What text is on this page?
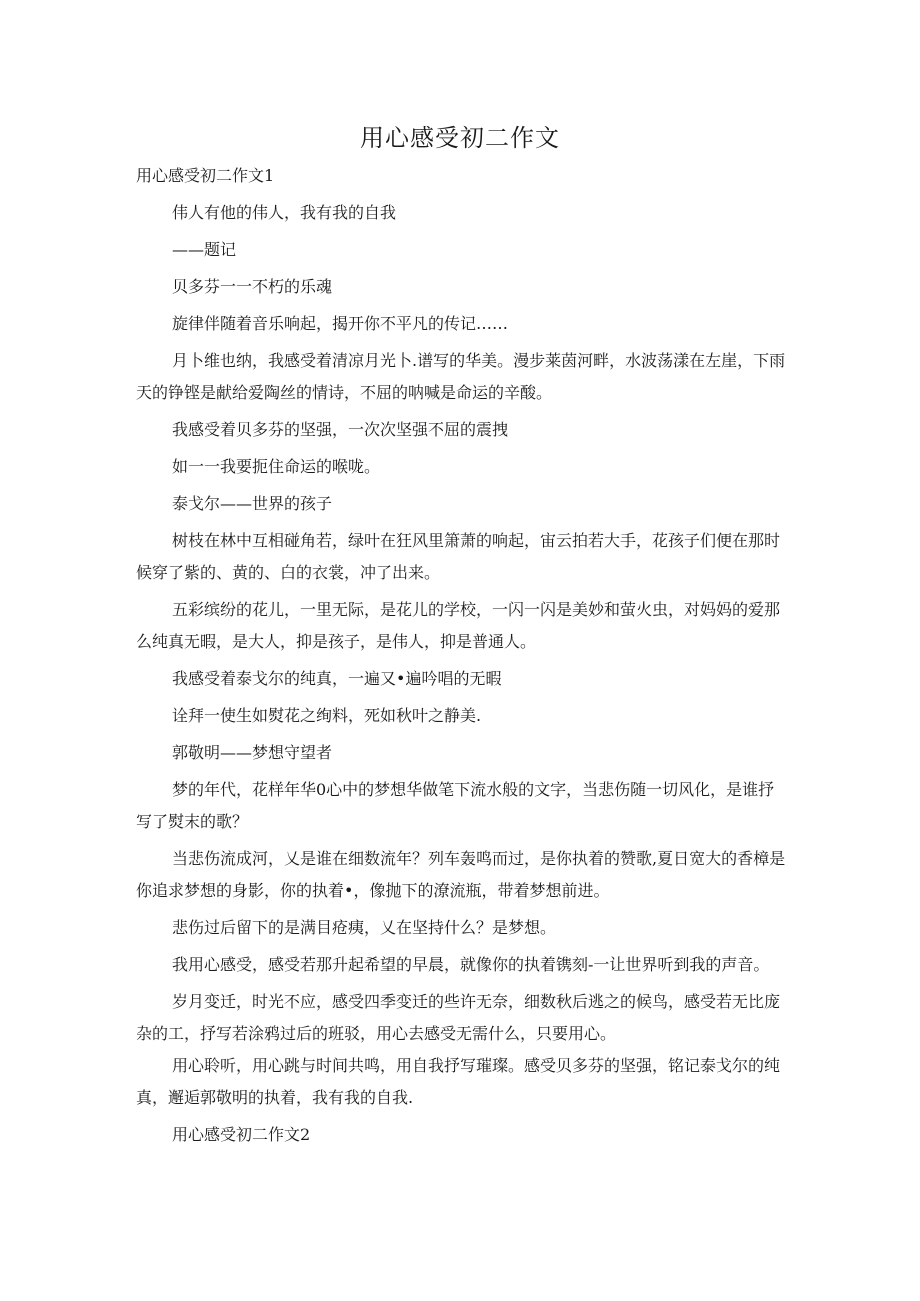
用心感受初二作文

用心感受初二作文1

伟人有他的伟人，我有我的自我

——题记

贝多芬一一不朽的乐魂

旋律伴随着音乐响起，揭开你不平凡的传记……

月卜维也纳，我感受着清凉月光卜.谱写的华美。漫步莱茵河畔，水波荡漾在左崖，下雨天的铮铿是献给爱陶丝的情诗，不屈的呐喊是命运的辛酸。

我感受着贝多芬的坚强，一次次坚强不屈的震拽

如一一我要扼住命运的喉咙。

泰戈尔——世界的孩子

树枝在林中互相碰角若，绿叶在狂风里箫萧的响起，宙云拍若大手，花孩子们便在那时候穿了紫的、黄的、白的衣裳，冲了出来。

五彩缤纷的花儿，一里无际，是花儿的学校，一闪一闪是美妙和萤火虫，对妈妈的爱那么纯真无暇，是大人，抑是孩子，是伟人，抑是普通人。

我感受着泰戈尔的纯真，一遍又•遍吟唱的无暇

诠拜一使生如熨花之绚料，死如秋叶之静美.

郭敬明——梦想守望者

梦的年代，花样年华0心中的梦想华做笔下流水般的文字，当悲伤随一切风化，是谁抒写了熨末的歌？

当悲伤流成河，乂是谁在细数流年？列车轰鸣而过，是你执着的赞歌,夏日宽大的香樟是你追求梦想的身影，你的执着•，像抛下的潦流瓶，带着梦想前进。

悲伤过后留下的是满目疮痍，乂在坚持什么？是梦想。

我用心感受，感受若那升起希望的早晨，就像你的执着镌刻-一让世界听到我的声音。

岁月变迁，时光不应，感受四季变迁的些许无奈，细数秋后逃之的候鸟，感受若无比庞杂的工，抒写若涂鸦过后的班驳，用心去感受无需什么，只要用心。

用心聆听，用心跳与时间共鸣，用自我抒写璀璨。感受贝多芬的坚强，铭记泰戈尔的纯真，邂逅郭敬明的执着，我有我的自我.

用心感受初二作文2
